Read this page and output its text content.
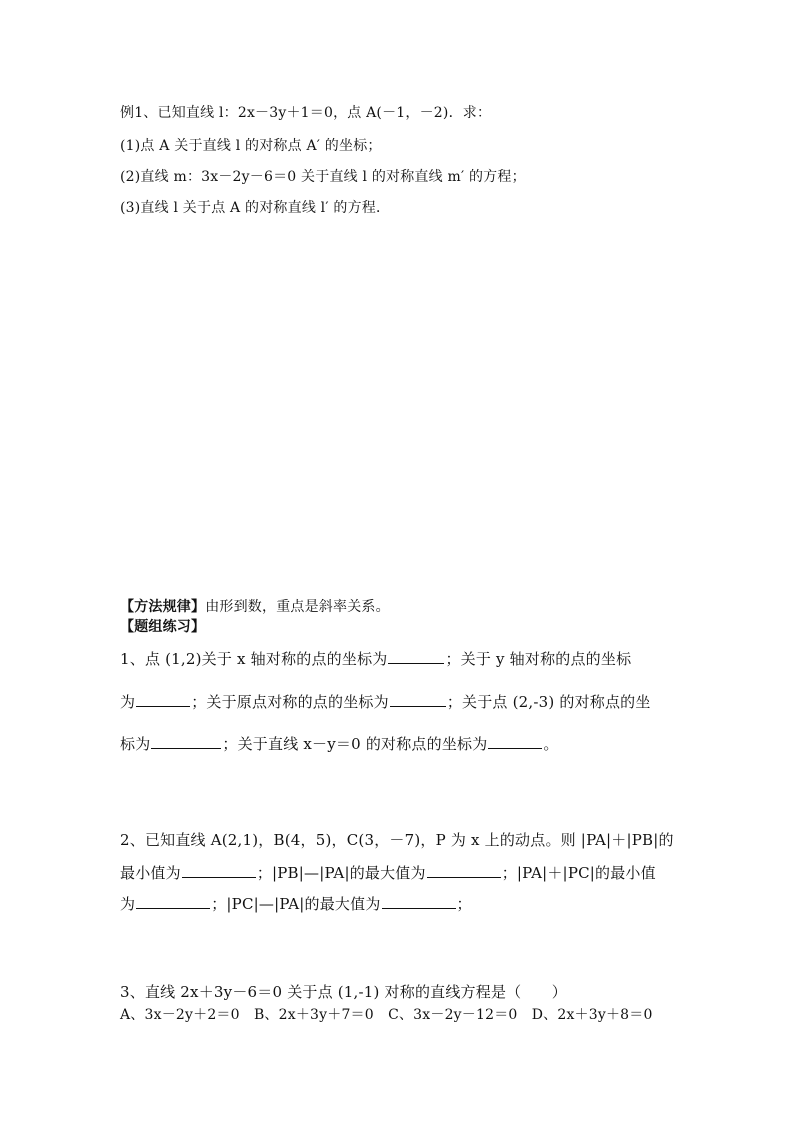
例1、已知直线 l：2x－3y＋1＝0，点 A(－1，－2)．求：
(1)点 A 关于直线 l 的对称点 A′ 的坐标；
(2)直线 m：3x－2y－6＝0 关于直线 l 的对称直线 m′ 的方程；
(3)直线 l 关于点 A 的对称直线 l′ 的方程．
【方法规律】由形到数，重点是斜率关系。
【题组练习】
1、点 (1,2)关于 x 轴对称的点的坐标为	；关于 y 轴对称的点的坐标
为	；关于原点对称的点的坐标为	；关于点 (2,-3) 的对称点的坐
标为	；关于直线 x－y＝0 的对称点的坐标为	。
2、已知直线 A(2,1)，B(4，5)，C(3，－7)，P 为 x 上的动点。则 |PA|＋|PB|的
最小值为	；|PB|—|PA|的最大值为	；|PA|＋|PC|的最小值
为	；|PC|—|PA|的最大值为	；
3、直线 2x＋3y－6＝0 关于点 (1,-1) 对称的直线方程是（　　）
A、3x－2y＋2＝0　B、2x＋3y＋7＝0　C、3x－2y－12＝0　D、2x＋3y＋8＝0
